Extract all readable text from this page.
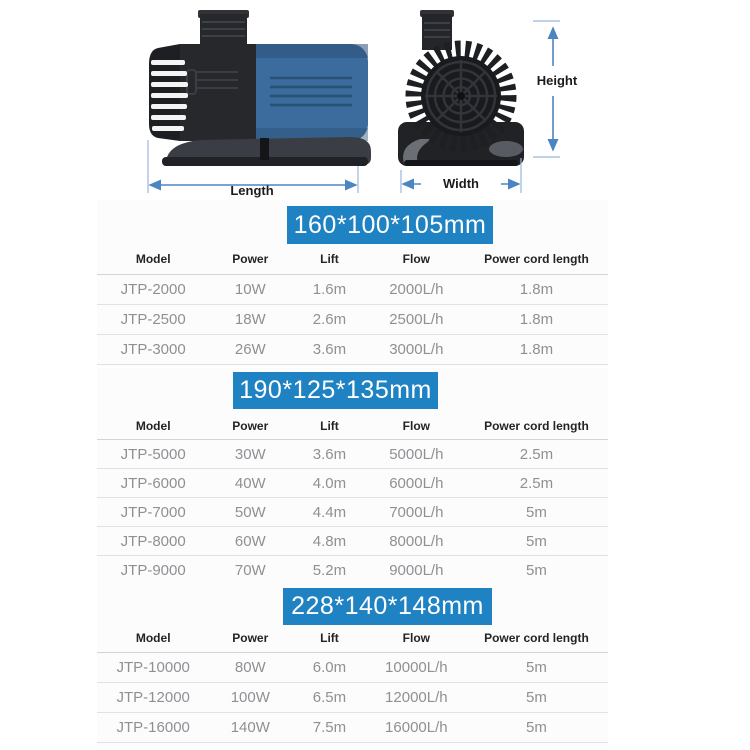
Length	Width
Height
160*100*105mm
Model	Power	Lift	Flow	Power cord length
JTP-2000	10W	1.6m	2000L/h	1.8m
JTP-2500	18W	2.6m	2500L/h	1.8m
JTP-3000	26W	3.6m	3000L/h	1.8m
190*125*135mm
Model	Power	Lift	Flow	Power cord length
JTP-5000	30W	3.6m	5000L/h	2.5m
JTP-6000	40W	4.0m	6000L/h	2.5m
JTP-7000	50W	4.4m	7000L/h	5m
JTP-8000	60W	4.8m	8000L/h	5m
JTP-9000	70W	5.2m	9000L/h	5m
228*140*148mm
Model	Power	Lift	Flow	Power cord length
JTP-10000	80W	6.0m	10000L/h	5m
JTP-12000	100W	6.5m	12000L/h	5m
JTP-16000	140W	7.5m	16000L/h	5m
